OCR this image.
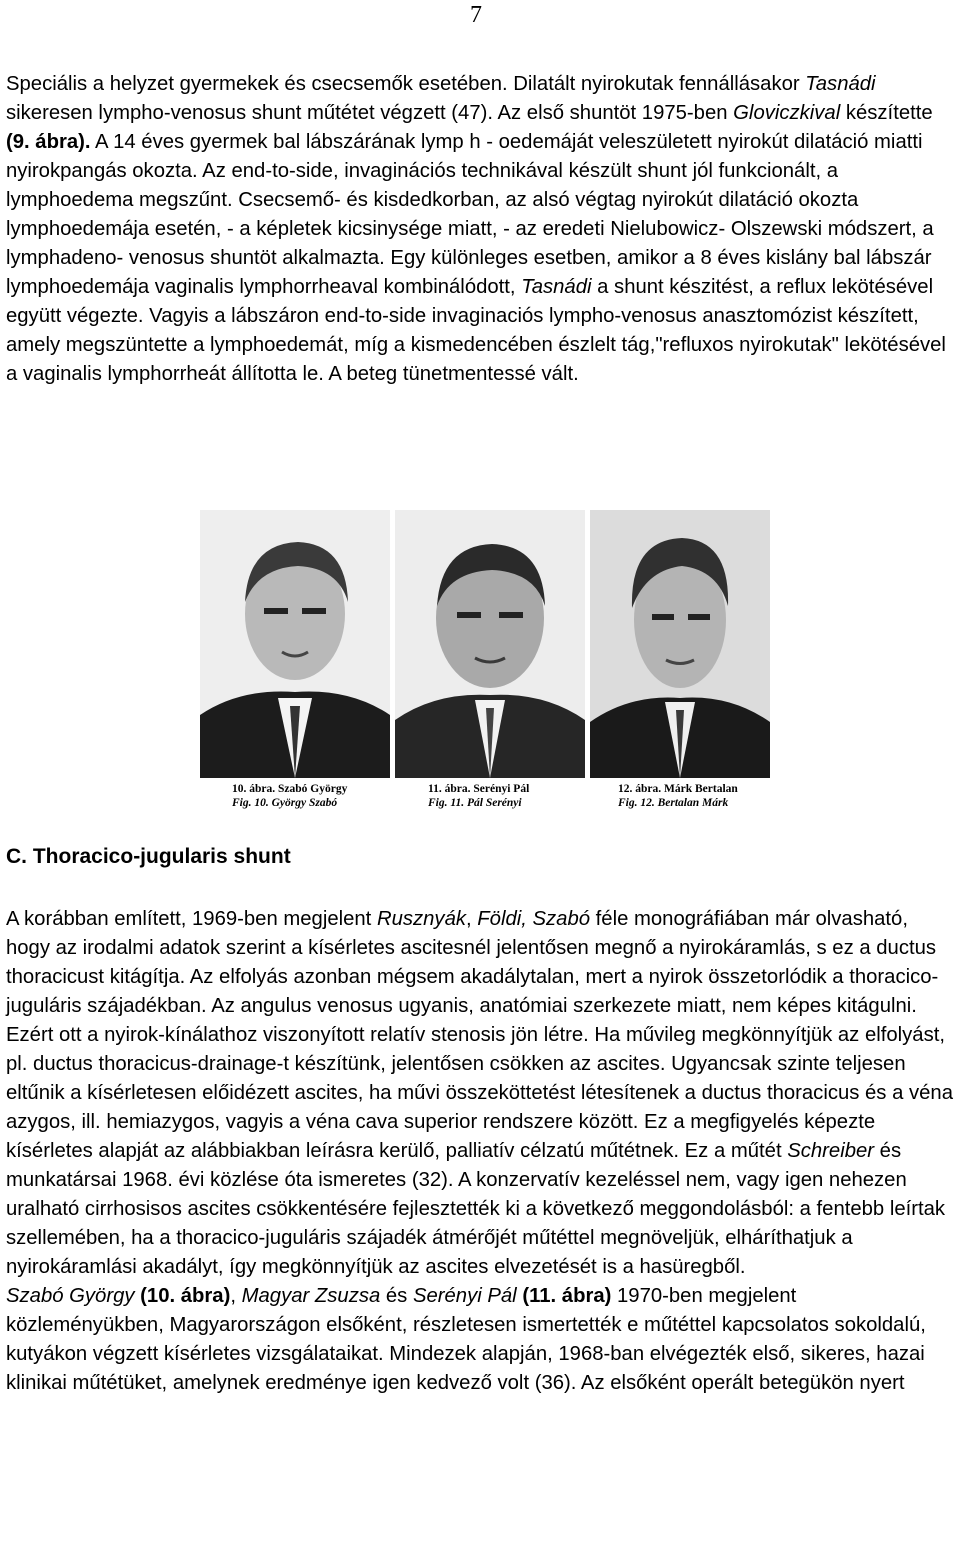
7

Speciális a helyzet gyermekek és csecsemők esetében. Dilatált nyirokutak fennállásakor Tasnádi sikeresen lympho-venosus shunt műtétet végzett (47). Az első shuntöt 1975-ben Gloviczkival készítette (9. ábra). A 14 éves gyermek bal lábszárának lymp h - oedemáját veleszületett nyirokút dilatáció miatti nyirokpangás okozta. Az end-to-side, invaginációs technikával készült shunt jól funkcionált, a lymphoedema megszűnt. Csecsemő- és kisdedkorban, az alsó végtag nyirokút dilatáció okozta lymphoedemája esetén, - a képletek kicsinysége miatt, - az eredeti Nielubowicz- Olszewski módszert, a lymphadeno- venosus shuntöt alkalmazta. Egy különleges esetben, amikor a 8 éves kislány bal lábszár lymphoedemája vaginalis lymphorrheaval kombinálódott, Tasnádi a shunt készitést, a reflux lekötésével együtt végezte. Vagyis a lábszáron end-to-side invaginaciós lympho-venosus anasztomózist készített, amely megszüntette a lymphoedemát, míg a kismedencében észlelt tág,"refluxos nyirokutak" lekötésével a vaginalis lymphorrheát állította le. A beteg tünetmentessé vált.

10. ábra. Szabó György
Fig. 10. György Szabó
11. ábra. Serényi Pál
Fig. 11. Pál Serényi
12. ábra. Márk Bertalan
Fig. 12. Bertalan Márk
C. Thoracico-jugularis shunt

A korábban említett, 1969-ben megjelent Rusznyák, Földi, Szabó féle monográfiában már olvasható, hogy az irodalmi adatok szerint a kísérletes ascitesnél jelentősen megnő a nyirokáramlás, s ez a ductus thoracicust kitágítja. Az elfolyás azonban mégsem akadálytalan, mert a nyirok összetorlódik a thoracico-juguláris szájadékban. Az angulus venosus ugyanis, anatómiai szerkezete miatt, nem képes kitágulni. Ezért ott a nyirok-kínálathoz viszonyított relatív stenosis jön létre. Ha művileg megkönnyítjük az elfolyást, pl. ductus thoracicus-drainage-t készítünk, jelentősen csökken az ascites. Ugyancsak szinte teljesen eltűnik a kísérletesen előidézett ascites, ha művi összeköttetést létesítenek a ductus thoracicus és a véna azygos, ill. hemiazygos, vagyis a véna cava superior rendszere között. Ez a megfigyelés képezte kísérletes alapját az alábbiakban leírásra kerülő, palliatív célzatú műtétnek. Ez a műtét Schreiber és munkatársai 1968. évi közlése óta ismeretes (32). A konzervatív kezeléssel nem, vagy igen nehezen uralható cirrhosisos ascites csökkentésére fejlesztették ki a következő meggondolásból: a fentebb leírtak szellemében, ha a thoracico-juguláris szájadék átmérőjét műtéttel megnöveljük, elháríthatjuk a nyirokáramlási akadályt, így megkönnyítjük az ascites elvezetését is a hasüregből.
Szabó György (10. ábra), Magyar Zsuzsa és Serényi Pál (11. ábra) 1970-ben megjelent közleményükben, Magyarországon elsőként, részletesen ismertették e műtéttel kapcsolatos sokoldalú, kutyákon végzett kísérletes vizsgálataikat. Mindezek alapján, 1968-ban elvégezték első, sikeres, hazai klinikai műtétüket, amelynek eredménye igen kedvező volt (36). Az elsőként operált betegükön nyert
